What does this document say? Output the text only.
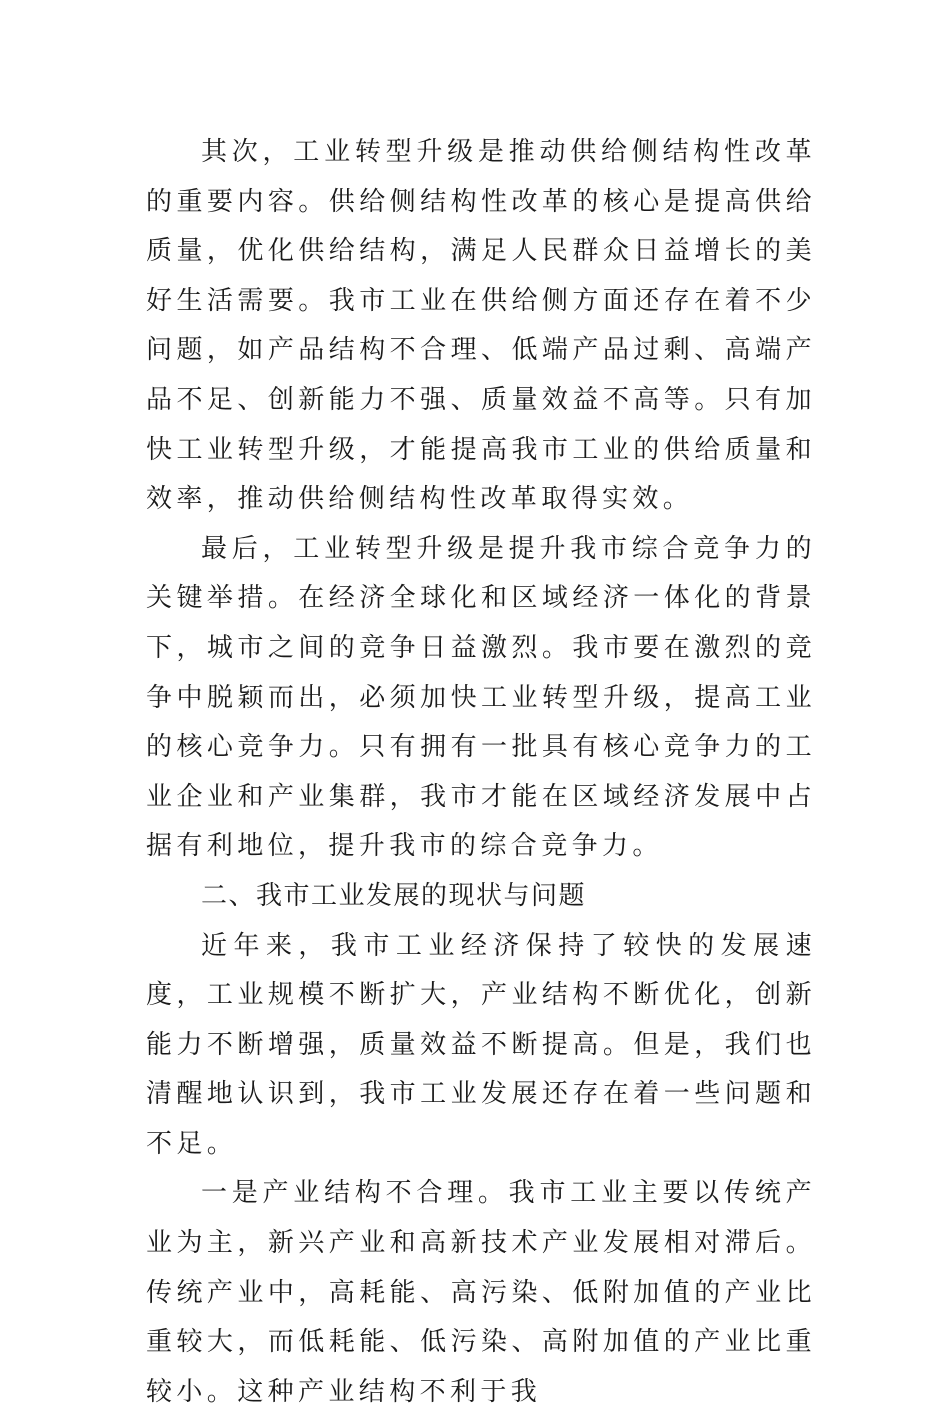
其次，工业转型升级是推动供给侧结构性改革的重要内容。供给侧结构性改革的核心是提高供给质量，优化供给结构，满足人民群众日益增长的美好生活需要。我市工业在供给侧方面还存在着不少问题，如产品结构不合理、低端产品过剩、高端产品不足、创新能力不强、质量效益不高等。只有加快工业转型升级，才能提高我市工业的供给质量和效率，推动供给侧结构性改革取得实效。

最后，工业转型升级是提升我市综合竞争力的关键举措。在经济全球化和区域经济一体化的背景下，城市之间的竞争日益激烈。我市要在激烈的竞争中脱颖而出，必须加快工业转型升级，提高工业的核心竞争力。只有拥有一批具有核心竞争力的工业企业和产业集群，我市才能在区域经济发展中占据有利地位，提升我市的综合竞争力。

二、我市工业发展的现状与问题

近年来，我市工业经济保持了较快的发展速度，工业规模不断扩大，产业结构不断优化，创新能力不断增强，质量效益不断提高。但是，我们也清醒地认识到，我市工业发展还存在着一些问题和不足。

一是产业结构不合理。我市工业主要以传统产业为主，新兴产业和高新技术产业发展相对滞后。传统产业中，高耗能、高污染、低附加值的产业比重较大，而低耗能、低污染、高附加值的产业比重较小。这种产业结构不利于我
